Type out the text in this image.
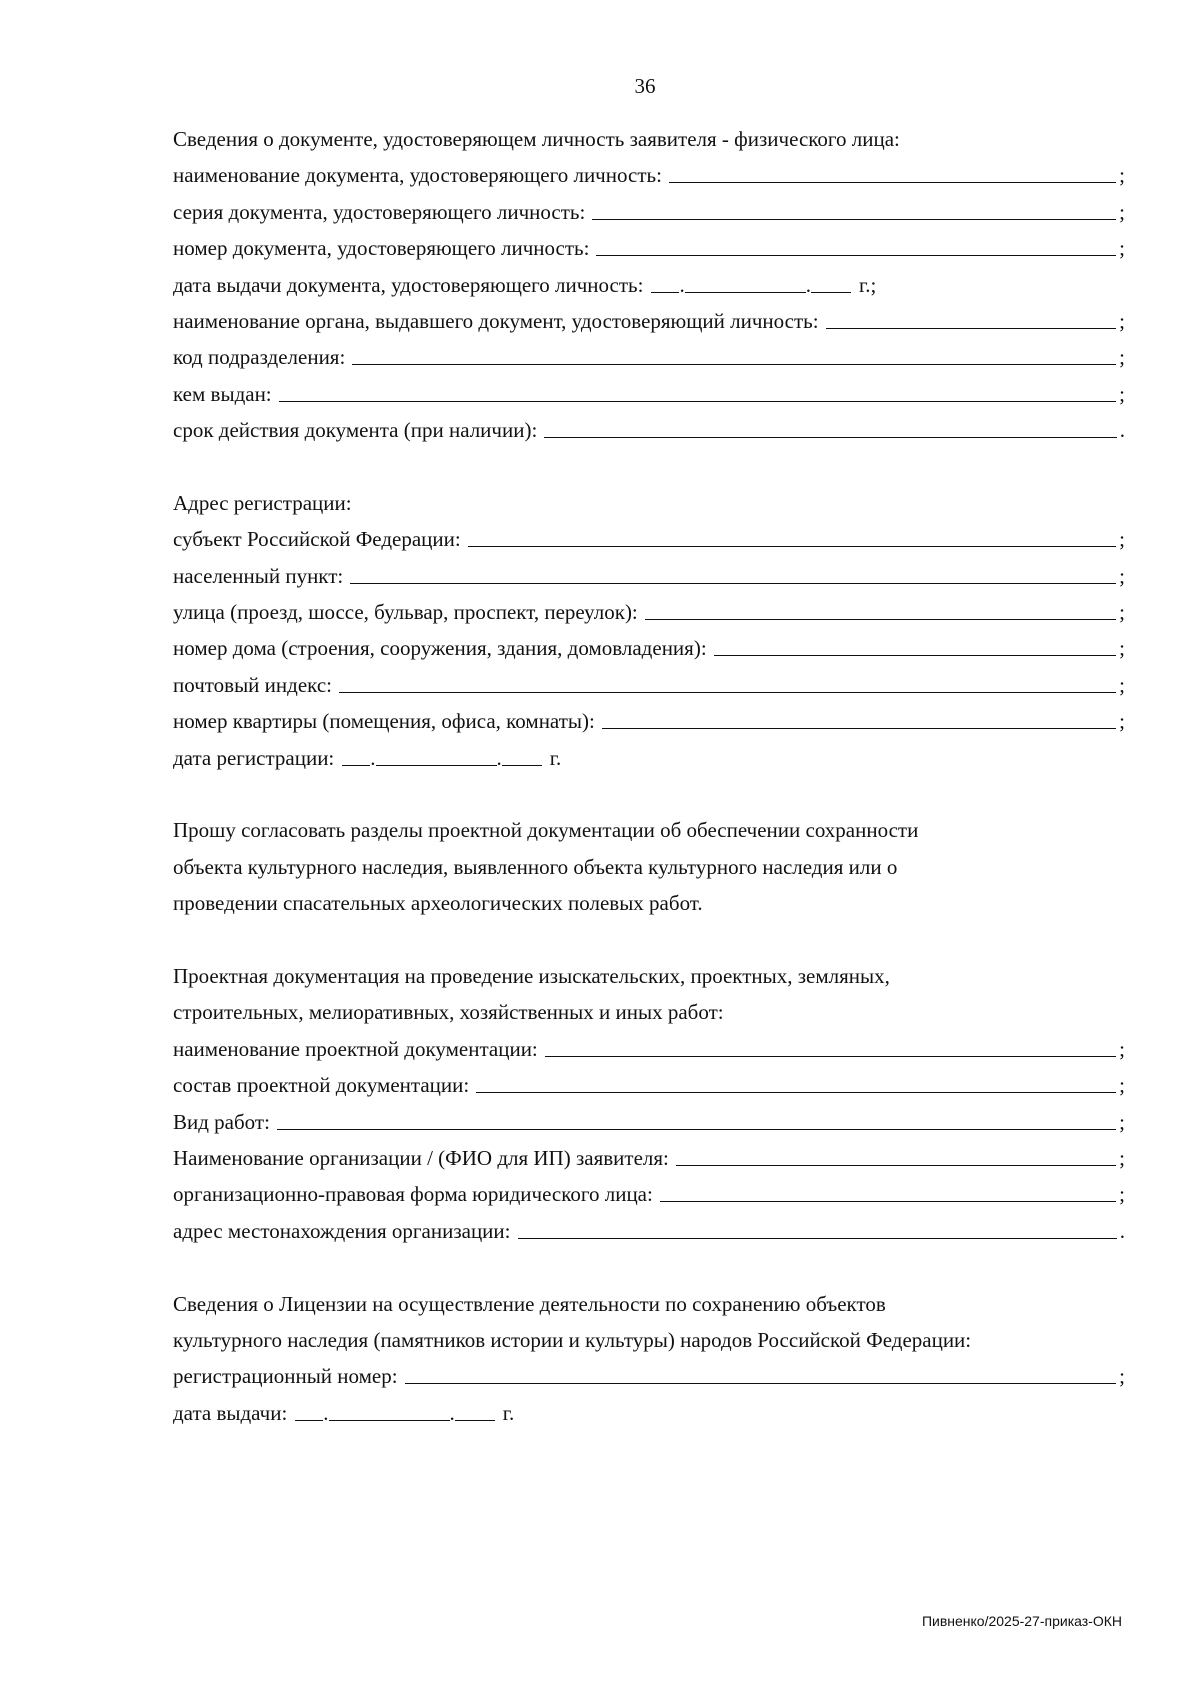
36
Сведения о документе, удостоверяющем личность заявителя - физического лица:
наименование документа, удостоверяющего личность:	;
серия документа, удостоверяющего личность:	;
номер документа, удостоверяющего личность:	;
дата выдачи документа, удостоверяющего личность: .	. г.;
наименование органа, выдавшего документ, удостоверяющий личность:	;
код подразделения:	;
кем выдан:	;
срок действия документа (при наличии):	.
Адрес регистрации:
субъект Российской Федерации:	;
населенный пункт:	;
улица (проезд, шоссе, бульвар, проспект, переулок):	;
номер дома (строения, сооружения, здания, домовладения):	;
почтовый индекс:	;
номер квартиры (помещения, офиса, комнаты):	;
дата регистрации: .	. г.
Прошу согласовать разделы проектной документации об обеспечении сохранности
объекта культурного наследия, выявленного объекта культурного наследия или о
проведении спасательных археологических полевых работ.
Проектная документация на проведение изыскательских, проектных, земляных,
строительных, мелиоративных, хозяйственных и иных работ:
наименование проектной документации:	;
состав проектной документации:	;
Вид работ:	;
Наименование организации / (ФИО для ИП) заявителя:	;
организационно-правовая форма юридического лица:	;
адрес местонахождения организации:	.
Сведения о Лицензии на осуществление деятельности по сохранению объектов
культурного наследия (памятников истории и культуры) народов Российской Федерации:
регистрационный номер:	;
дата выдачи: .	. г.
Пивненко/2025-27-приказ-ОКН
